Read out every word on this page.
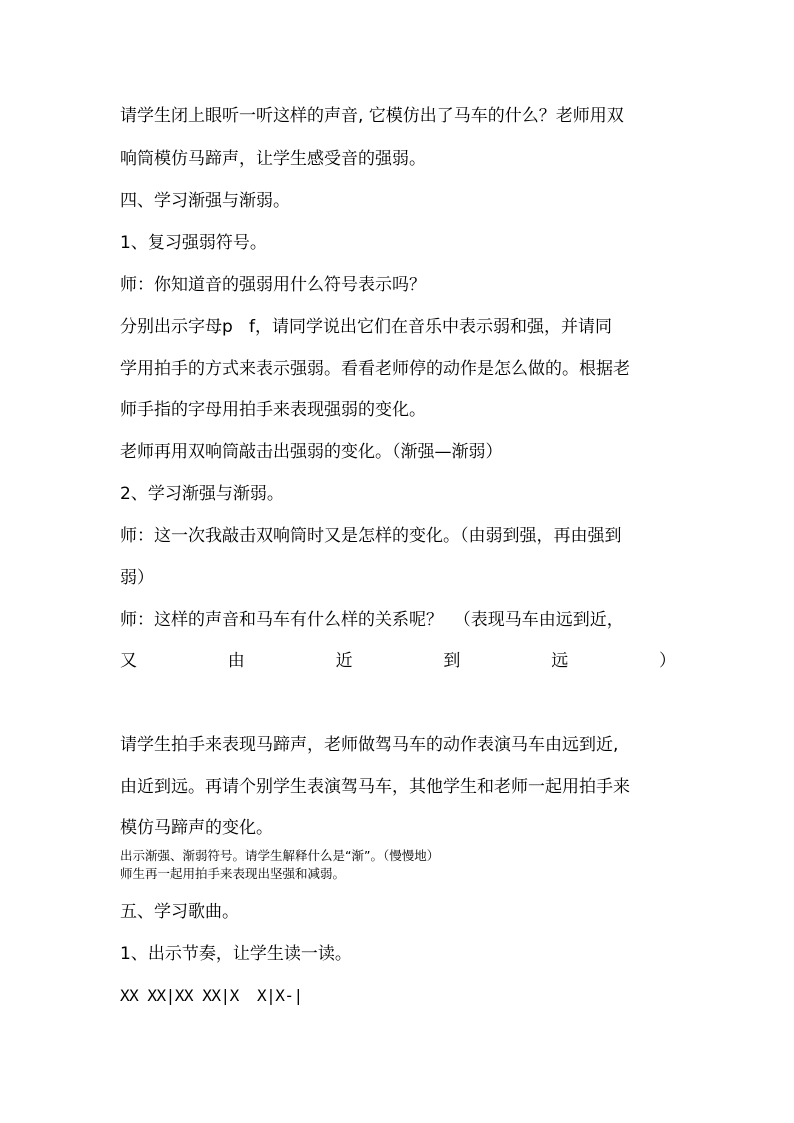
请学生闭上眼听一听这样的声音, 它模仿出了马车的什么？老师用双

响筒模仿马蹄声，让学生感受音的强弱。

四、学习渐强与渐弱。

1、复习强弱符号。

师：你知道音的强弱用什么符号表示吗？

分别出示字母p   f，请同学说出它们在音乐中表示弱和强，并请同

学用拍手的方式来表示强弱。看看老师停的动作是怎么做的。根据老

师手指的字母用拍手来表现强弱的变化。

老师再用双响筒敲击出强弱的变化。（渐强—渐弱）

2、学习渐强与渐弱。

师：这一次我敲击双响筒时又是怎样的变化。（由弱到强，再由强到

弱）

师：这样的声音和马车有什么样的关系呢？  （表现马车由远到近，

又	由	近	到	远	）

请学生拍手来表现马蹄声，老师做驾马车的动作表演马车由远到近,

由近到远。再请个别学生表演驾马车，其他学生和老师一起用拍手来

模仿马蹄声的变化。

出示渐强、渐弱符号。请学生解释什么是“渐”。（慢慢地）

师生再一起用拍手来表现出坚强和减弱。

五、学习歌曲。

1、出示节奏，让学生读一读。

XX XX|XX XX|X  X|X-|
